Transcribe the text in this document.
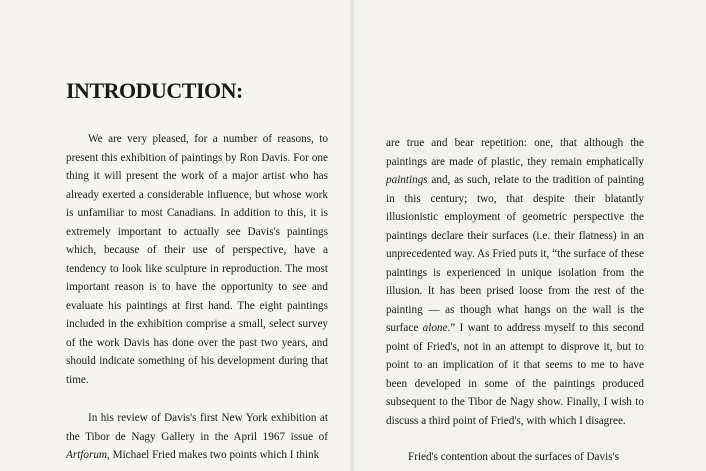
INTRODUCTION:

We are very pleased, for a number of reasons, to present this exhibition of paintings by Ron Davis. For one thing it will present the work of a major artist who has already exerted a considerable influence, but whose work is unfamiliar to most Canadians. In addition to this, it is extremely important to actually see Davis's paintings which, because of their use of perspective, have a tendency to look like sculpture in reproduction. The most important reason is to have the opportunity to see and evaluate his paintings at first hand. The eight paintings included in the exhibition comprise a small, select survey of the work Davis has done over the past two years, and should indicate something of his development during that time.

In his review of Davis's first New York exhibition at the Tibor de Nagy Gallery in the April 1967 issue of Artforum, Michael Fried makes two points which I think

are true and bear repetition: one, that although the paintings are made of plastic, they remain emphatically paintings and, as such, relate to the tradition of painting in this century; two, that despite their blatantly illusionistic employment of geometric perspective the paintings declare their surfaces (i.e. their flatness) in an unprecedented way. As Fried puts it, “the surface of these paintings is experienced in unique isolation from the illusion. It has been prised loose from the rest of the painting — as though what hangs on the wall is the surface alone.” I want to address myself to this second point of Fried's, not in an attempt to disprove it, but to point to an implication of it that seems to me to have been developed in some of the paintings produced subsequent to the Tibor de Nagy show. Finally, I wish to discuss a third point of Fried's, with which I disagree.

Fried's contention about the surfaces of Davis's
